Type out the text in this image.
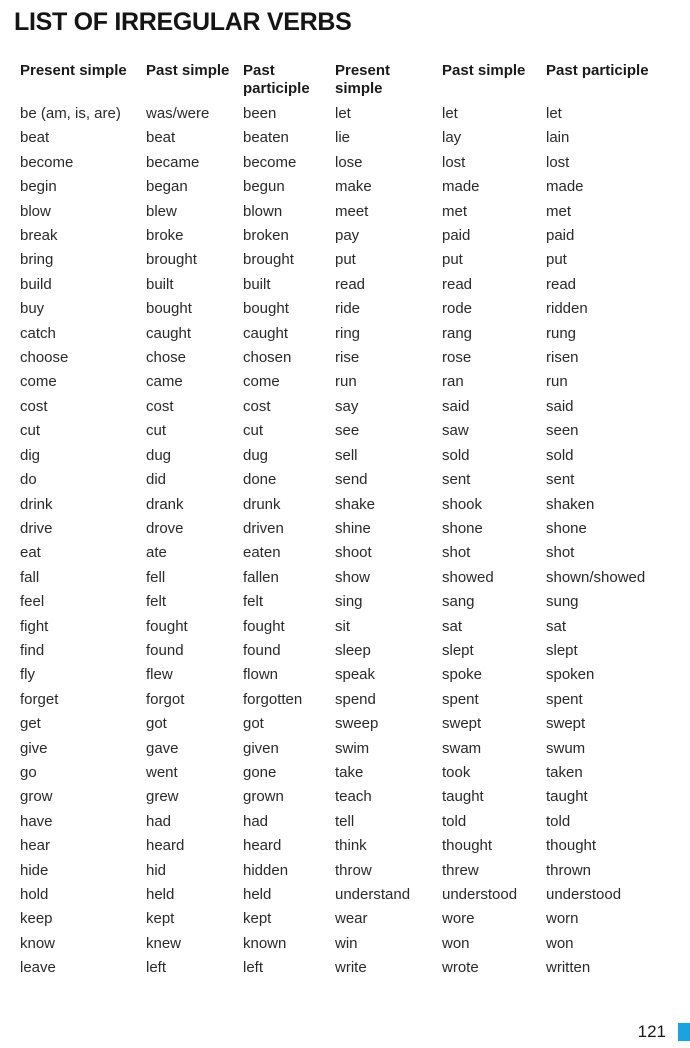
LIST OF IRREGULAR VERBS
Present simple	Past simple	Past participle	Present simple	Past simple	Past participle
be (am, is, are)	was/were	been	let	let	let
beat	beat	beaten	lie	lay	lain
become	became	become	lose	lost	lost
begin	began	begun	make	made	made
blow	blew	blown	meet	met	met
break	broke	broken	pay	paid	paid
bring	brought	brought	put	put	put
build	built	built	read	read	read
buy	bought	bought	ride	rode	ridden
catch	caught	caught	ring	rang	rung
choose	chose	chosen	rise	rose	risen
come	came	come	run	ran	run
cost	cost	cost	say	said	said
cut	cut	cut	see	saw	seen
dig	dug	dug	sell	sold	sold
do	did	done	send	sent	sent
drink	drank	drunk	shake	shook	shaken
drive	drove	driven	shine	shone	shone
eat	ate	eaten	shoot	shot	shot
fall	fell	fallen	show	showed	shown/showed
feel	felt	felt	sing	sang	sung
fight	fought	fought	sit	sat	sat
find	found	found	sleep	slept	slept
fly	flew	flown	speak	spoke	spoken
forget	forgot	forgotten	spend	spent	spent
get	got	got	sweep	swept	swept
give	gave	given	swim	swam	swum
go	went	gone	take	took	taken
grow	grew	grown	teach	taught	taught
have	had	had	tell	told	told
hear	heard	heard	think	thought	thought
hide	hid	hidden	throw	threw	thrown
hold	held	held	understand	understood	understood
keep	kept	kept	wear	wore	worn
know	knew	known	win	won	won
leave	left	left	write	wrote	written
121
